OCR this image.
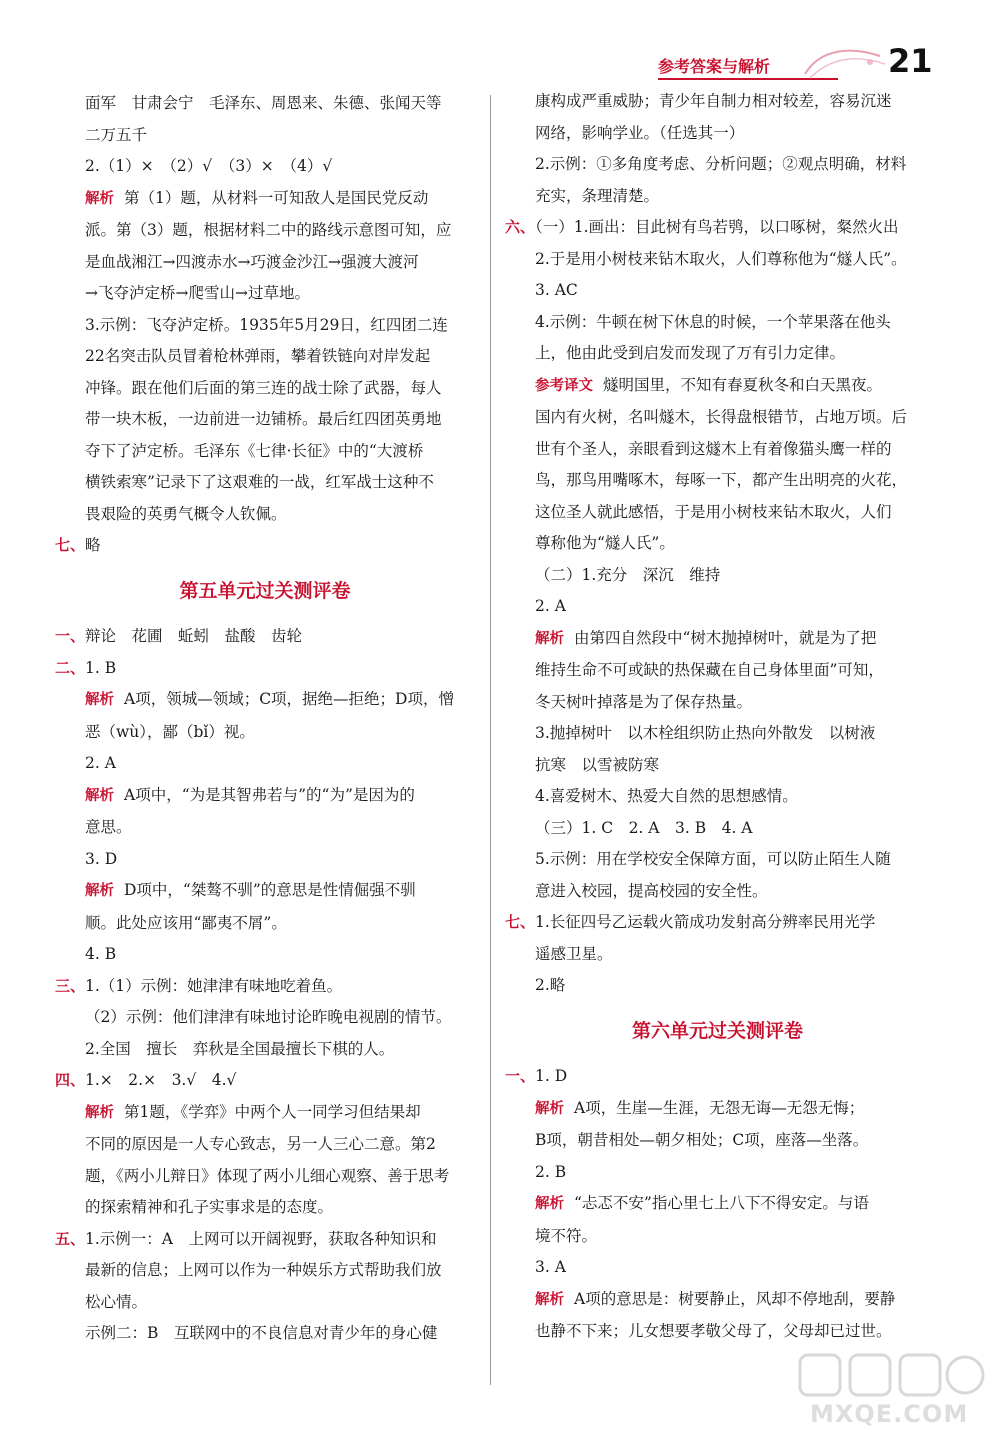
参考答案与解析	21
面军　甘肃会宁　毛泽东、周恩来、朱德、张闻天等
二万五千
2.（1）×　（2）√　（3）×　（4）√
解析 第（1）题，从材料一可知敌人是国民党反动
派。第（3）题，根据材料二中的路线示意图可知，应
是血战湘江→四渡赤水→巧渡金沙江→强渡大渡河
→飞夺泸定桥→爬雪山→过草地。
3.示例：飞夺泸定桥。1935年5月29日，红四团二连
22名突击队员冒着枪林弹雨，攀着铁链向对岸发起
冲锋。跟在他们后面的第三连的战士除了武器，每人
带一块木板，一边前进一边铺桥。最后红四团英勇地
夺下了泸定桥。毛泽东《七律·长征》中的“大渡桥
横铁索寒”记录下了这艰难的一战，红军战士这种不
畏艰险的英勇气概令人钦佩。
七、略
第五单元过关测评卷
一、辩论　花圃　蚯蚓　盐酸　齿轮
二、1. B
解析 A项，领城—领域；C项，据绝—拒绝；D项，憎
恶（wù），鄙（bǐ）视。
2. A
解析 A项中，“为是其智弗若与”的“为”是因为的
意思。
3. D
解析 D项中，“桀骜不驯”的意思是性情倔强不驯
顺。此处应该用“鄙夷不屑”。
4. B
三、1.（1）示例：她津津有味地吃着鱼。
（2）示例：他们津津有味地讨论昨晚电视剧的情节。
2.全国　擅长　弈秋是全国最擅长下棋的人。
四、1.×　2.×　3.√　4.√
解析 第1题，《学弈》中两个人一同学习但结果却
不同的原因是一人专心致志，另一人三心二意。第2
题，《两小儿辩日》体现了两小儿细心观察、善于思考
的探索精神和孔子实事求是的态度。
五、1.示例一：A　上网可以开阔视野，获取各种知识和
最新的信息；上网可以作为一种娱乐方式帮助我们放
松心情。
示例二：B　互联网中的不良信息对青少年的身心健
康构成严重威胁；青少年自制力相对较差，容易沉迷
网络，影响学业。（任选其一）
2.示例：①多角度考虑、分析问题；②观点明确，材料
充实，条理清楚。
六、（一）1.画出：目此树有鸟若鸮，以口啄树，粲然火出
2.于是用小树枝来钻木取火，人们尊称他为“燧人氏”。
3. AC
4.示例：牛顿在树下休息的时候，一个苹果落在他头
上，他由此受到启发而发现了万有引力定律。
参考译文 燧明国里，不知有春夏秋冬和白天黑夜。
国内有火树，名叫燧木，长得盘根错节，占地万顷。后
世有个圣人，亲眼看到这燧木上有着像猫头鹰一样的
鸟，那鸟用嘴啄木，每啄一下，都产生出明亮的火花，
这位圣人就此感悟，于是用小树枝来钻木取火，人们
尊称他为“燧人氏”。
（二）1.充分　深沉　维持
2. A
解析 由第四自然段中“树木抛掉树叶，就是为了把
维持生命不可或缺的热保藏在自己身体里面”可知，
冬天树叶掉落是为了保存热量。
3.抛掉树叶　以木栓组织防止热向外散发　以树液
抗寒　以雪被防寒
4.喜爱树木、热爱大自然的思想感情。
（三）1. C　2. A　3. B　4. A
5.示例：用在学校安全保障方面，可以防止陌生人随
意进入校园，提高校园的安全性。
七、1.长征四号乙运载火箭成功发射高分辨率民用光学
遥感卫星。
2.略
第六单元过关测评卷
一、1. D
解析 A项，生崖—生涯，无怨无诲—无怨无悔；
B项，朝昔相处—朝夕相处；C项，座落—坐落。
2. B
解析 “忐忑不安”指心里七上八下不得安定。与语
境不符。
3. A
解析 A项的意思是：树要静止，风却不停地刮，要静
也静不下来；儿女想要孝敬父母了，父母却已过世。
MXQE.COM
